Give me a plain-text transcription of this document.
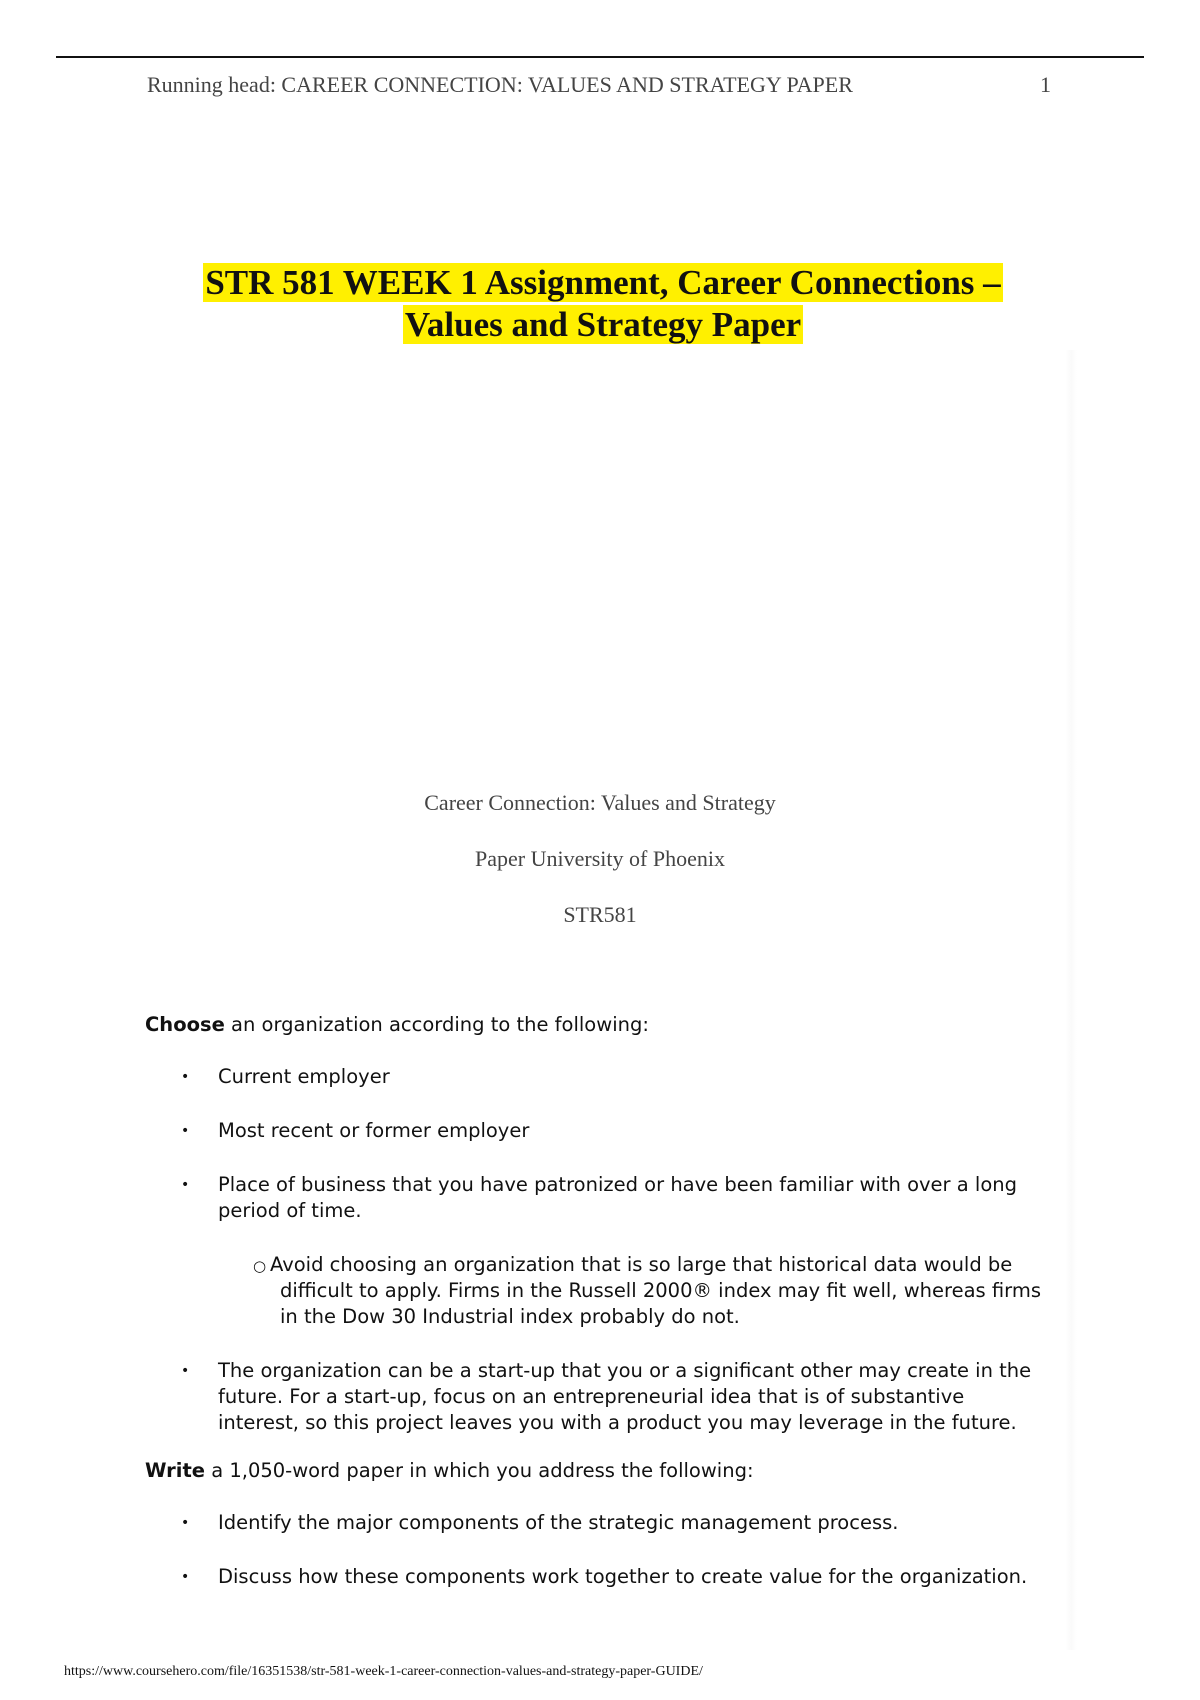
Running head: CAREER CONNECTION: VALUES AND STRATEGY PAPER	1
STR 581 WEEK 1 Assignment, Career Connections –
Values and Strategy Paper
Career Connection: Values and Strategy
Paper University of Phoenix
STR581

Choose an organization according to the following:

• Current employer
• Most recent or former employer
• Place of business that you have patronized or have been familiar with over a long period of time.
○ Avoid choosing an organization that is so large that historical data would be difficult to apply. Firms in the Russell 2000® index may fit well, whereas firms in the Dow 30 Industrial index probably do not.
• The organization can be a start-up that you or a significant other may create in the future. For a start-up, focus on an entrepreneurial idea that is of substantive interest, so this project leaves you with a product you may leverage in the future.

Write a 1,050-word paper in which you address the following:

• Identify the major components of the strategic management process.
• Discuss how these components work together to create value for the organization.
https://www.coursehero.com/file/16351538/str-581-week-1-career-connection-values-and-strategy-paper-GUIDE/
